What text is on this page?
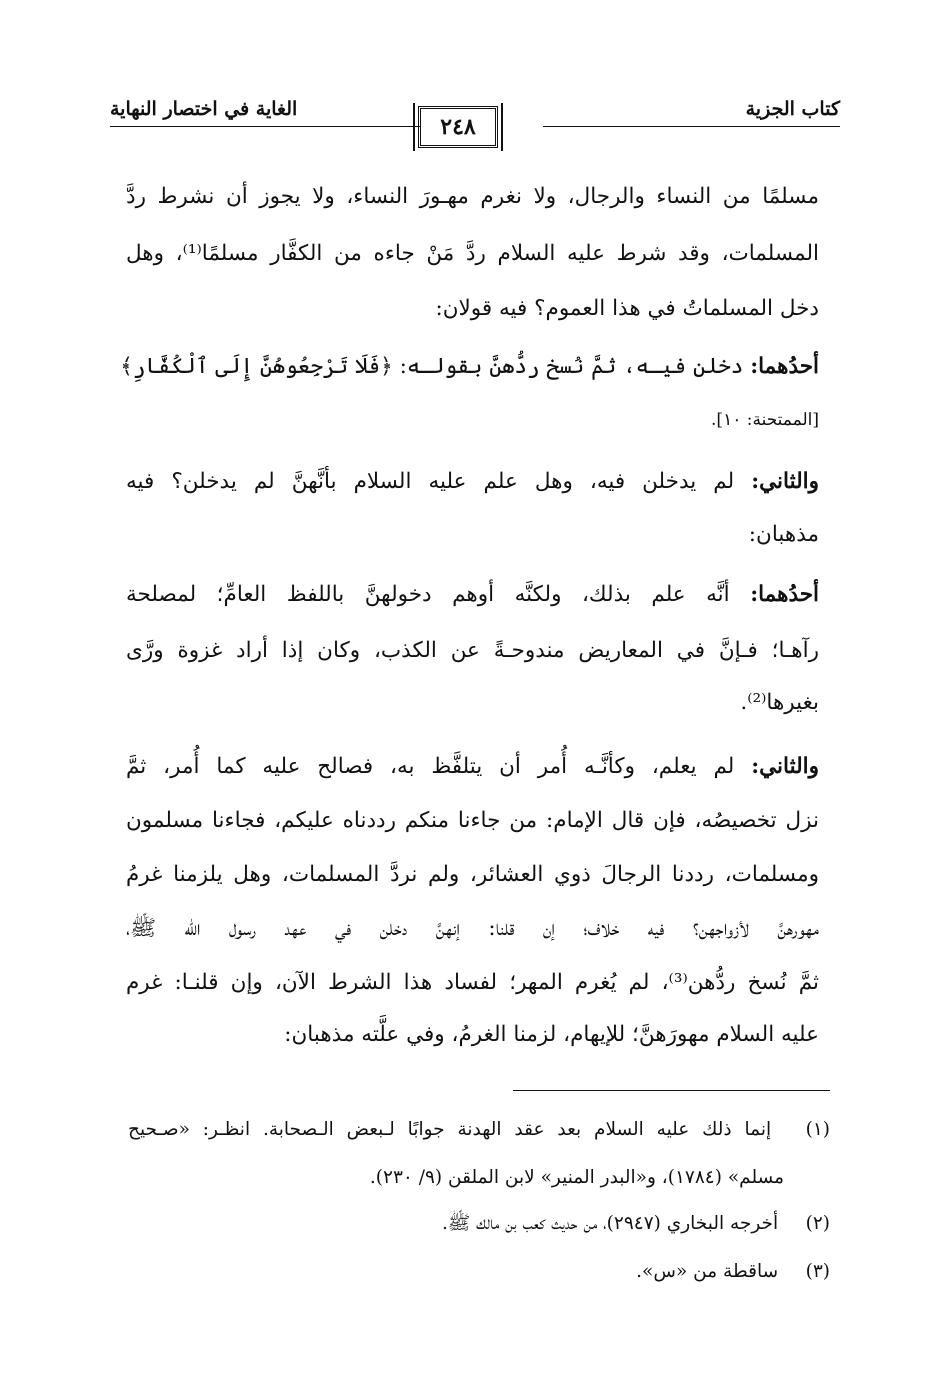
كتاب الجزية
الغاية في اختصار النهاية
٢٤٨
مسلمًا من النساء والرجال، ولا نغرم مهـورَ النساء، ولا يجوز أن نشرط ردَّ
المسلمات، وقد شرط عليه السلام ردَّ مَنْ جاءه من الكفَّار مسلمًا⁽¹⁾، وهل
دخل المسلماتُ في هذا العموم؟ فيه قولان:
أحدُهما: دخلن فيـه، ثمَّ نُسخ ردُّهنَّ بقولـه: ﴿فَلَا تَرْجِعُوهُنَّ إِلَى ٱلْكُفَّارِ﴾
[الممتحنة: ١٠].
والثاني: لم يدخلن فيه، وهل علم عليه السلام بأنَّهنَّ لم يدخلن؟ فيه
مذهبان:
أحدُهما: أنَّه علم بذلك، ولكنَّه أوهم دخولهنَّ باللفظ العامِّ؛ لمصلحة
رآهـا؛ فـإنَّ في المعاريض مندوحـةً عن الكذب، وكان إذا أراد غزوة ورَّى
بغيرها⁽²⁾.
والثاني: لم يعلم، وكأنَّـه أُمر أن يتلفَّظ به، فصالح عليه كما أُمر، ثمَّ
نزل تخصيصُه، فإن قال الإمام: من جاءنا منكم رددناه عليكم، فجاءنا مسلمون
ومسلمات، رددنا الرجالَ ذوي العشائر، ولم نردَّ المسلمات، وهل يلزمنا غرمُ
مهورهنَّ لأزواجهن؟ فيه خلاف؛ إن قلنا: إنهنَّ دخلن في عهد رسول الله ﷺ،
ثمَّ نُسخ ردُّهن⁽³⁾، لم يُغرم المهر؛ لفساد هذا الشرط الآن، وإن قلنـا: غرم
عليه السلام مهورَهنَّ؛ للإيهام، لزمنا الغرمُ، وفي علَّته مذهبان:
(١) إنما ذلك عليه السلام بعد عقد الهدنة جوابًا لـبعض الـصحابة. انظـر: «صـحيح
مسلم» (١٧٨٤)، و«البدر المنير» لابن الملقن (٩/ ٢٣٠).
(٢) أخرجه البخاري (٢٩٤٧)، من حديث كعب بن مالك ﷺ.
(٣) ساقطة من «س».
